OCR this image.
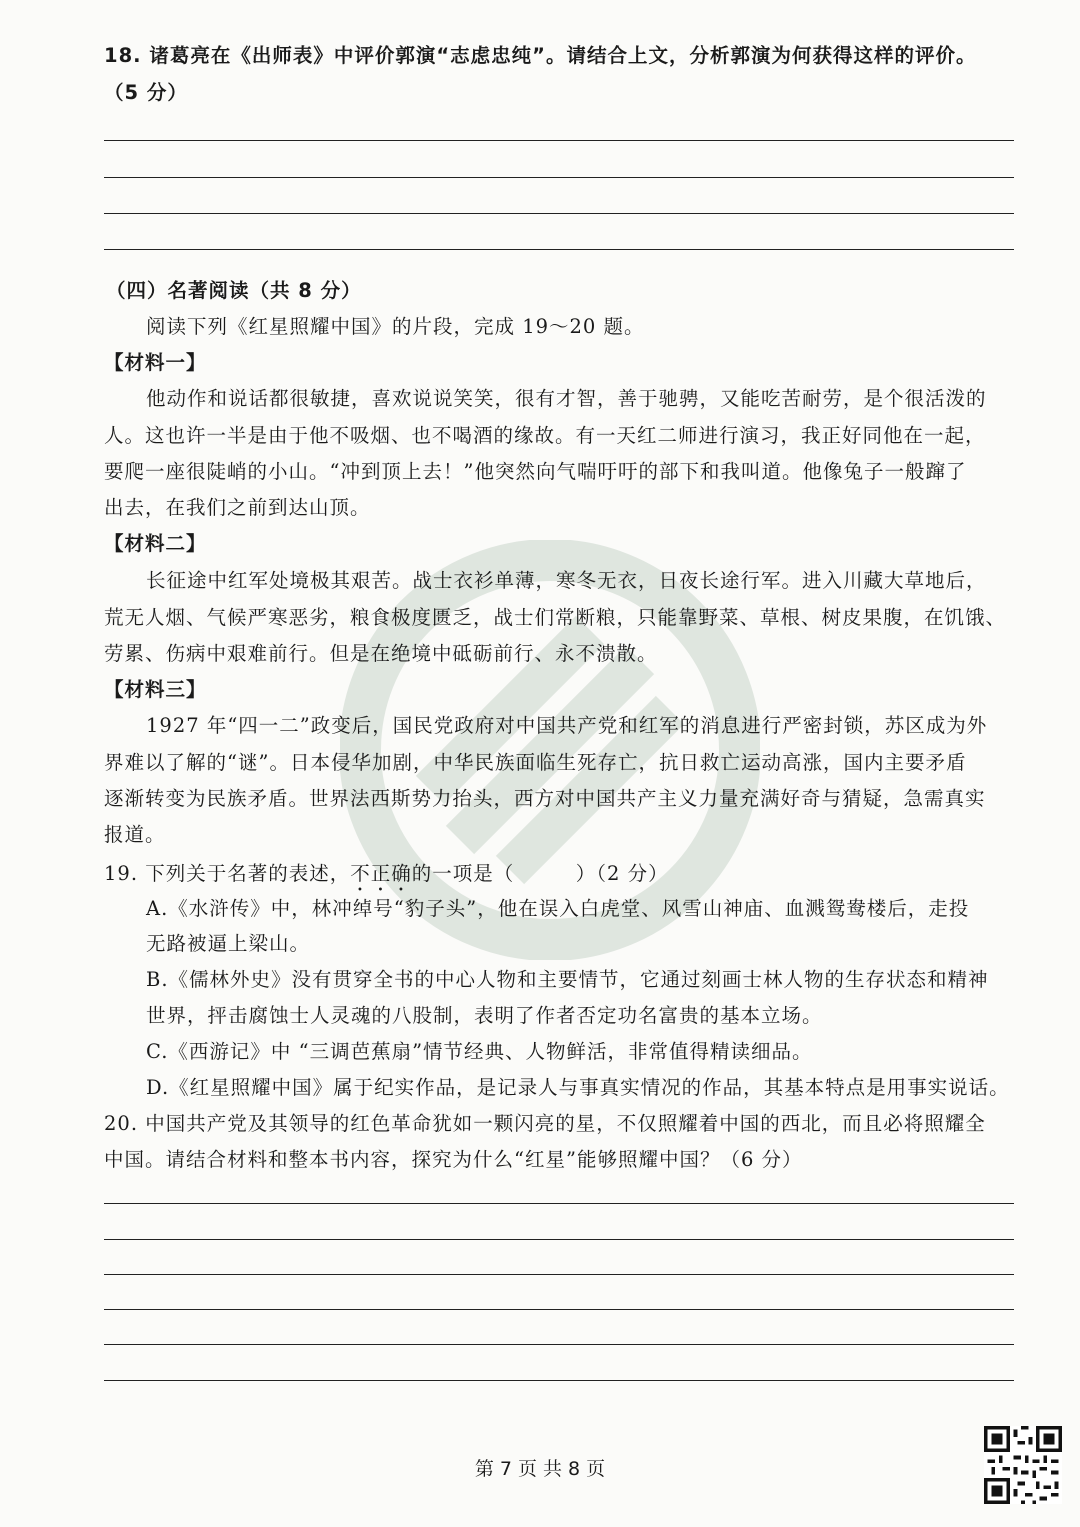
18. 诸葛亮在《出师表》中评价郭演“志虑忠纯”。请结合上文，分析郭演为何获得这样的评价。
（5 分）
（四）名著阅读（共 8 分）
阅读下列《红星照耀中国》的片段，完成 19～20 题。
【材料一】
他动作和说话都很敏捷，喜欢说说笑笑，很有才智，善于驰骋，又能吃苦耐劳，是个很活泼的
人。这也许一半是由于他不吸烟、也不喝酒的缘故。有一天红二师进行演习，我正好同他在一起，
要爬一座很陡峭的小山。“冲到顶上去！”他突然向气喘吁吁的部下和我叫道。他像兔子一般蹿了
出去，在我们之前到达山顶。
【材料二】
长征途中红军处境极其艰苦。战士衣衫单薄，寒冬无衣，日夜长途行军。进入川藏大草地后，
荒无人烟、气候严寒恶劣，粮食极度匮乏，战士们常断粮，只能靠野菜、草根、树皮果腹，在饥饿、
劳累、伤病中艰难前行。但是在绝境中砥砺前行、永不溃散。
【材料三】
1927 年“四一二”政变后，国民党政府对中国共产党和红军的消息进行严密封锁，苏区成为外
界难以了解的“谜”。日本侵华加剧，中华民族面临生死存亡，抗日救亡运动高涨，国内主要矛盾
逐渐转变为民族矛盾。世界法西斯势力抬头，西方对中国共产主义力量充满好奇与猜疑，急需真实
报道。
19. 下列关于名著的表述，不正确的一项是（　　　）（2 分）
A.《水浒传》中，林冲绰号“豹子头”，他在误入白虎堂、风雪山神庙、血溅鸳鸯楼后，走投
无路被逼上梁山。
B.《儒林外史》没有贯穿全书的中心人物和主要情节，它通过刻画士林人物的生存状态和精神
世界，抨击腐蚀士人灵魂的八股制，表明了作者否定功名富贵的基本立场。
C.《西游记》中 “三调芭蕉扇”情节经典、人物鲜活，非常值得精读细品。
D.《红星照耀中国》属于纪实作品，是记录人与事真实情况的作品，其基本特点是用事实说话。
20. 中国共产党及其领导的红色革命犹如一颗闪亮的星，不仅照耀着中国的西北，而且必将照耀全
中国。请结合材料和整本书内容，探究为什么“红星”能够照耀中国？（6 分）
第 7 页 共 8 页
